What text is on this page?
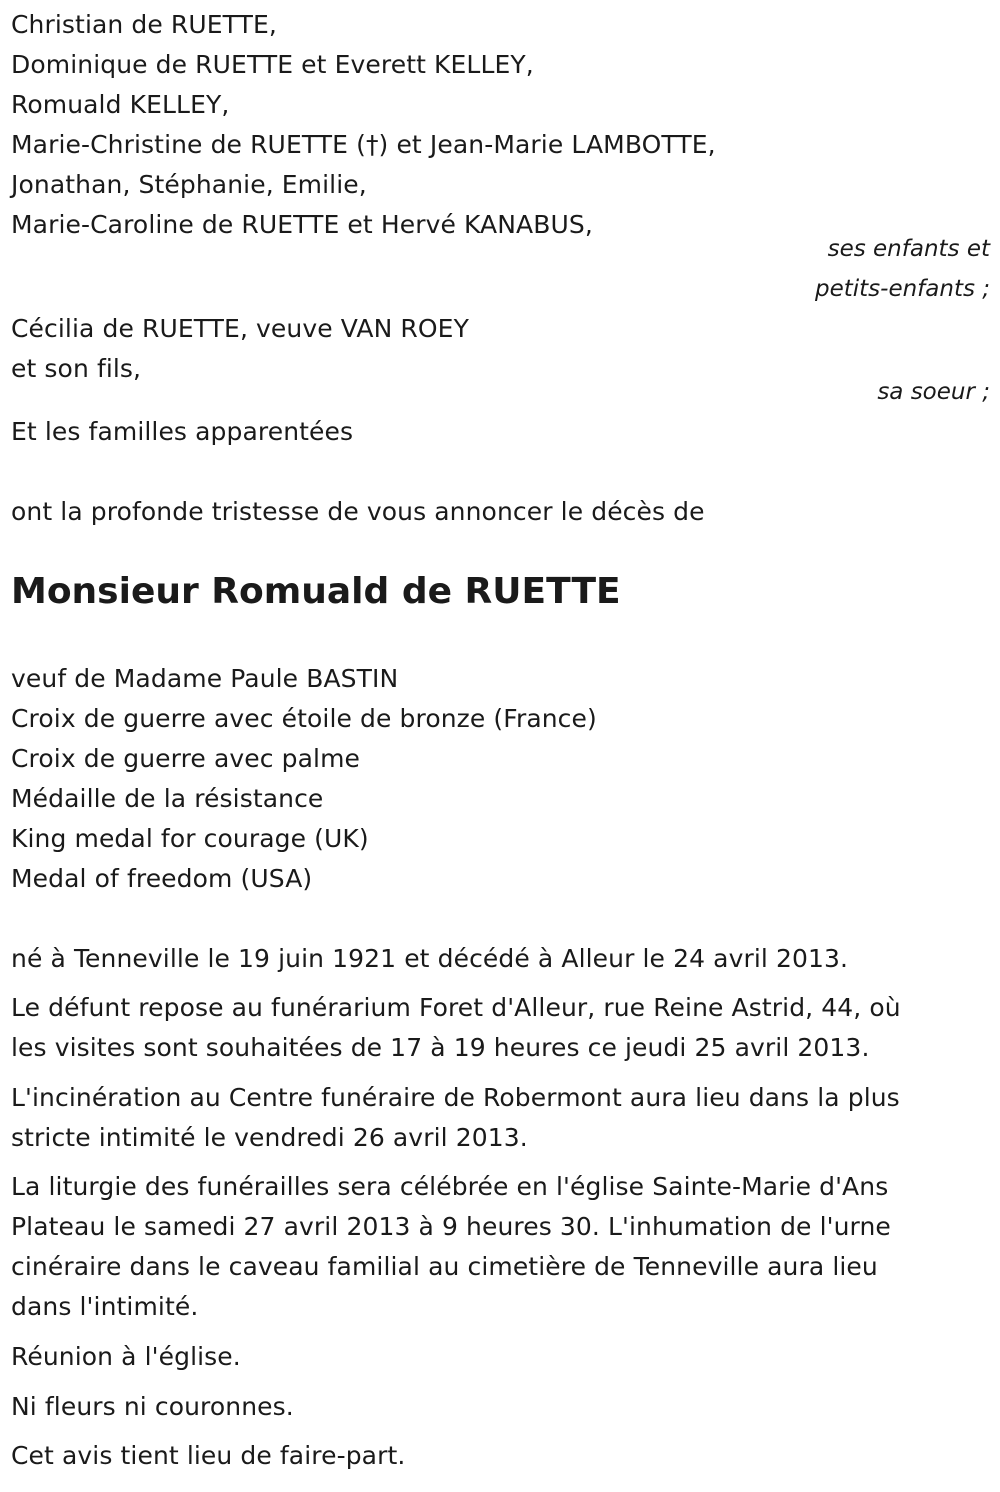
Christian de RUETTE,
Dominique de RUETTE et Everett KELLEY,
Romuald KELLEY,
Marie-Christine de RUETTE (†) et Jean-Marie LAMBOTTE,
Jonathan, Stéphanie, Emilie,
Marie-Caroline de RUETTE et Hervé KANABUS,
ses enfants et
petits-enfants ;
Cécilia de RUETTE, veuve VAN ROEY
et son fils,
sa soeur ;
Et les familles apparentées
ont la profonde tristesse de vous annoncer le décès de
Monsieur Romuald de RUETTE
veuf de Madame Paule BASTIN
Croix de guerre avec étoile de bronze (France)
Croix de guerre avec palme
Médaille de la résistance
King medal for courage (UK)
Medal of freedom (USA)
né à Tenneville le 19 juin 1921 et décédé à Alleur le 24 avril 2013.
Le défunt repose au funérarium Foret d'Alleur, rue Reine Astrid, 44, où
les visites sont souhaitées de 17 à 19 heures ce jeudi 25 avril 2013.
L'incinération au Centre funéraire de Robermont aura lieu dans la plus
stricte intimité le vendredi 26 avril 2013.
La liturgie des funérailles sera célébrée en l'église Sainte-Marie d'Ans
Plateau le samedi 27 avril 2013 à 9 heures 30. L'inhumation de l'urne
cinéraire dans le caveau familial au cimetière de Tenneville aura lieu
dans l'intimité.
Réunion à l'église.
Ni fleurs ni couronnes.
Cet avis tient lieu de faire-part.
